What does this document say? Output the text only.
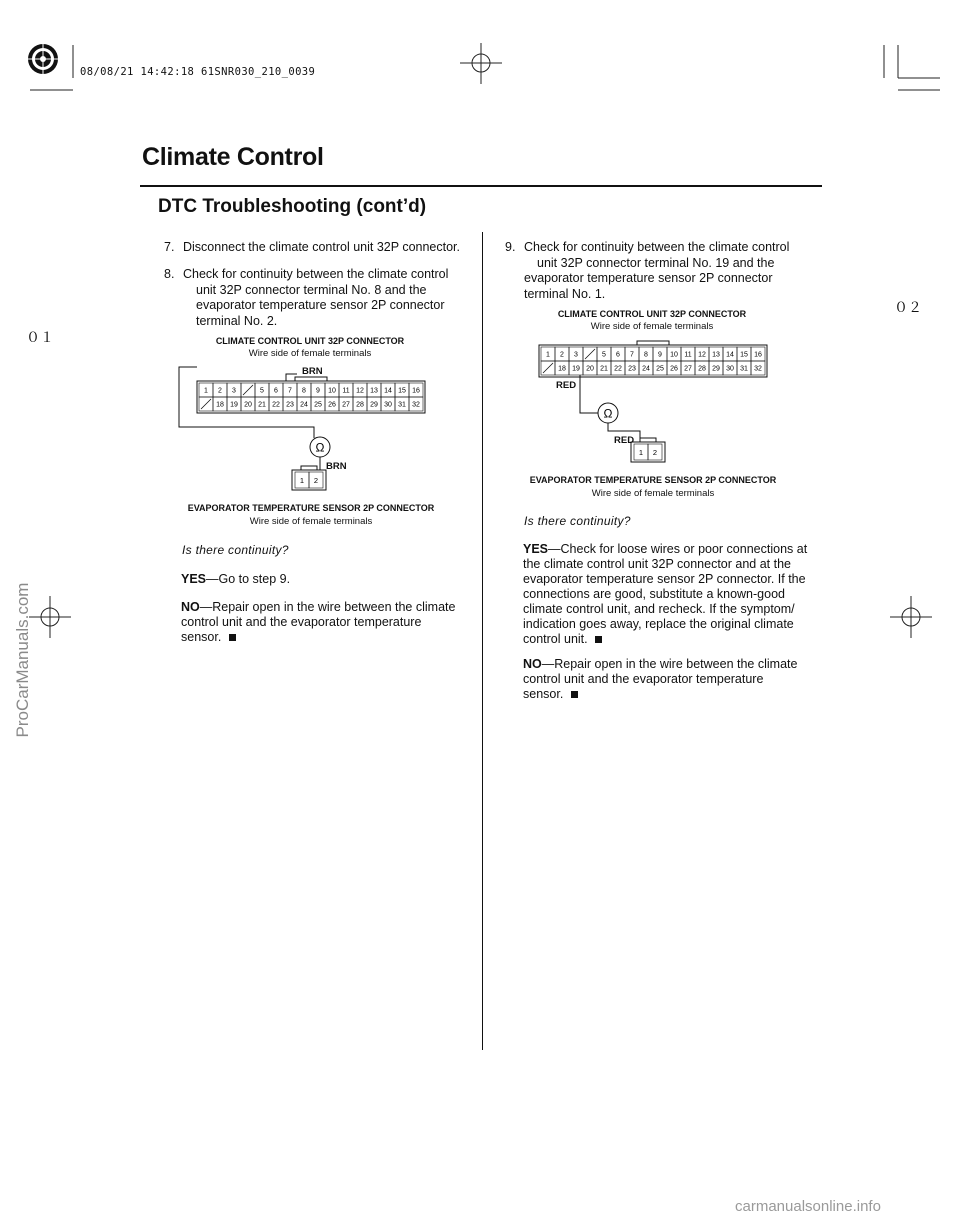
08/08/21 14:42:18 61SNR030_210_0039
Climate Control
DTC Troubleshooting (cont’d)
０１
０２
7. Disconnect the climate control unit 32P connector.
8. Check for continuity between the climate control
unit 32P connector terminal No. 8 and the
evaporator temperature sensor 2P connector
terminal No. 2.
CLIMATE CONTROL UNIT 32P CONNECTOR
Wire side of female terminals
1 2 3	5 6 7 8 9 10 11 12 13 14 15 16
18 19 20 21 22 23 24 25 26 27 28 29 30 31 32
Ω
1 2
BRN
BRN
EVAPORATOR TEMPERATURE SENSOR 2P CONNECTOR
Wire side of female terminals
Is there continuity?
YES—Go to step 9.
NO—Repair open in the wire between the climate
control unit and the evaporator temperature
sensor.
9. Check for continuity between the climate control
unit 32P connector terminal No. 19 and the
evaporator temperature sensor 2P connector
terminal No. 1.
CLIMATE CONTROL UNIT 32P CONNECTOR
Wire side of female terminals
1 2 3	5 6 7 8 9 10 11 12 13 14 15 16
18 19 20 21 22 23 24 25 26 27 28 29 30 31 32
Ω
1 2
RED
RED
EVAPORATOR TEMPERATURE SENSOR 2P CONNECTOR
Wire side of female terminals
Is there continuity?
YES—Check for loose wires or poor connections at
the climate control unit 32P connector and at the
evaporator temperature sensor 2P connector. If the
connections are good, substitute a known-good
climate control unit, and recheck. If the symptom/
indication goes away, replace the original climate
control unit.
NO—Repair open in the wire between the climate
control unit and the evaporator temperature
sensor.
ProCarManuals.com
carmanualsonline.info
